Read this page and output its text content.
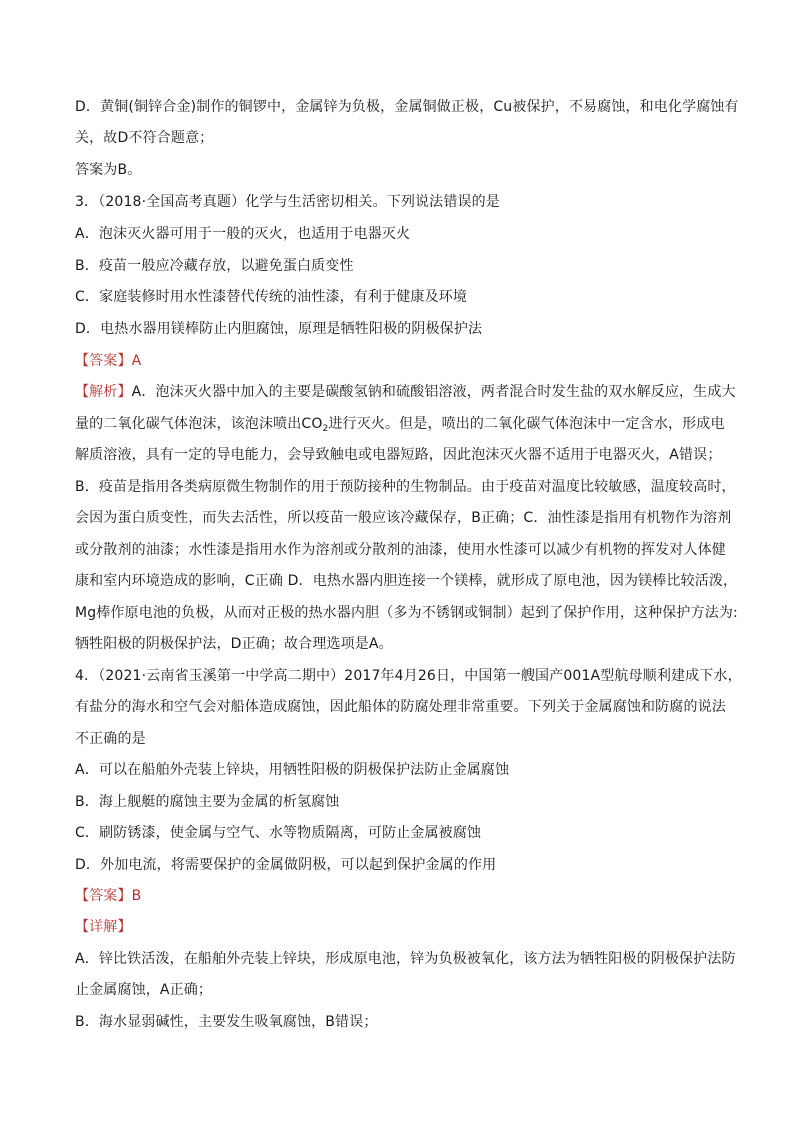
D．黄铜(铜锌合金)制作的铜锣中，金属锌为负极，金属铜做正极，Cu被保护，不易腐蚀，和电化学腐蚀有
关，故D不符合题意；
答案为B。
3．（2018·全国高考真题）化学与生活密切相关。下列说法错误的是
A．泡沫灭火器可用于一般的灭火，也适用于电器灭火
B．疫苗一般应冷藏存放，以避免蛋白质变性
C．家庭装修时用水性漆替代传统的油性漆，有利于健康及环境
D．电热水器用镁棒防止内胆腐蚀，原理是牺牲阳极的阴极保护法
【答案】A
【解析】A．泡沫灭火器中加入的主要是碳酸氢钠和硫酸铝溶液，两者混合时发生盐的双水解反应，生成大
量的二氧化碳气体泡沫，该泡沫喷出$CO_2$进行灭火。但是，喷出的二氧化碳气体泡沫中一定含水，形成电
解质溶液，具有一定的导电能力，会导致触电或电器短路，因此泡沫灭火器不适用于电器灭火，A错误；
B．疫苗是指用各类病原微生物制作的用于预防接种的生物制品。由于疫苗对温度比较敏感，温度较高时，
会因为蛋白质变性，而失去活性，所以疫苗一般应该冷藏保存，B正确；C．油性漆是指用有机物作为溶剂
或分散剂的油漆；水性漆是指用水作为溶剂或分散剂的油漆，使用水性漆可以减少有机物的挥发对人体健
康和室内环境造成的影响，C正确 D．电热水器内胆连接一个镁棒，就形成了原电池，因为镁棒比较活泼，
Mg棒作原电池的负极，从而对正极的热水器内胆（多为不锈钢或铜制）起到了保护作用，这种保护方法为:
牺牲阳极的阴极保护法，D正确；故合理选项是A。
4．（2021·云南省玉溪第一中学高二期中）2017年4月26日，中国第一艘国产001A型航母顺利建成下水，
有盐分的海水和空气会对船体造成腐蚀，因此船体的防腐处理非常重要。下列关于金属腐蚀和防腐的说法
不正确的是
A．可以在船舶外壳装上锌块，用牺牲阳极的阴极保护法防止金属腐蚀
B．海上舰艇的腐蚀主要为金属的析氢腐蚀
C．刷防锈漆，使金属与空气、水等物质隔离，可防止金属被腐蚀
D．外加电流，将需要保护的金属做阴极，可以起到保护金属的作用
【答案】B
【详解】
A．锌比铁活泼，在船舶外壳装上锌块，形成原电池，锌为负极被氧化，该方法为牺牲阳极的阴极保护法防
止金属腐蚀，A正确；
B．海水显弱碱性，主要发生吸氧腐蚀，B错误；
